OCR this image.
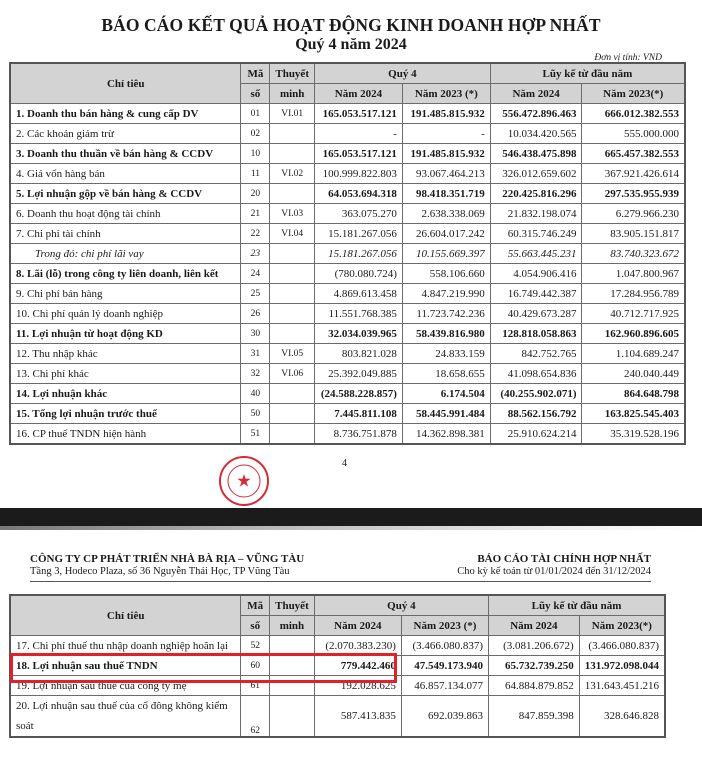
BÁO CÁO KẾT QUẢ HOẠT ĐỘNG KINH DOANH HỢP NHẤT
Quý 4 năm 2024
Đơn vị tính: VND
Chỉ tiêu	Mã	Thuyết	Quý 4		Lũy kế từ đầu năm	
	số	minh	Năm 2024	Năm 2023 (*)	Năm 2024	Năm 2023(*)
1. Doanh thu bán hàng & cung cấp DV	01	VI.01	165.053.517.121	191.485.815.932	556.472.896.463	666.012.382.553
2. Các khoản giảm trừ	02		-	-	10.034.420.565	555.000.000
3. Doanh thu thuần về bán hàng & CCDV	10		165.053.517.121	191.485.815.932	546.438.475.898	665.457.382.553
4. Giá vốn hàng bán	11	VI.02	100.999.822.803	93.067.464.213	326.012.659.602	367.921.426.614
5. Lợi nhuận gộp về bán hàng & CCDV	20		64.053.694.318	98.418.351.719	220.425.816.296	297.535.955.939
6. Doanh thu hoạt động tài chính	21	VI.03	363.075.270	2.638.338.069	21.832.198.074	6.279.966.230
7. Chi phí tài chính	22	VI.04	15.181.267.056	26.604.017.242	60.315.746.249	83.905.151.817
Trong đó: chi phí lãi vay	23		15.181.267.056	10.155.669.397	55.663.445.231	83.740.323.672
8. Lãi (lỗ) trong công ty liên doanh, liên kết	24		(780.080.724)	558.106.660	4.054.906.416	1.047.800.967
9. Chi phí bán hàng	25		4.869.613.458	4.847.219.990	16.749.442.387	17.284.956.789
10. Chi phí quản lý doanh nghiệp	26		11.551.768.385	11.723.742.236	40.429.673.287	40.712.717.925
11. Lợi nhuận từ hoạt động KD	30		32.034.039.965	58.439.816.980	128.818.058.863	162.960.896.605
12. Thu nhập khác	31	VI.05	803.821.028	24.833.159	842.752.765	1.104.689.247
13. Chi phí khác	32	VI.06	25.392.049.885	18.658.655	41.098.654.836	240.040.449
14. Lợi nhuận khác	40		(24.588.228.857)	6.174.504	(40.255.902.071)	864.648.798
15. Tổng lợi nhuận trước thuế	50		7.445.811.108	58.445.991.484	88.562.156.792	163.825.545.403
16. CP thuế TNDN hiện hành	51		8.736.751.878	14.362.898.381	25.910.624.214	35.319.528.196
4
CÔNG TY CP PHÁT TRIỂN NHÀ BÀ RỊA – VŨNG TÀU
Tầng 3, Hodeco Plaza, số 36 Nguyễn Thái Học, TP Vũng Tàu
BÁO CÁO TÀI CHÍNH HỢP NHẤT
Cho kỳ kế toán từ 01/01/2024 đến 31/12/2024
Chỉ tiêu	Mã	Thuyết	Quý 4		Lũy kế từ đầu năm	
	số	minh	Năm 2024	Năm 2023 (*)	Năm 2024	Năm 2023(*)
17. Chi phí thuế thu nhập doanh nghiệp hoãn lại	52		(2.070.383.230)	(3.466.080.837)	(3.081.206.672)	(3.466.080.837)
18. Lợi nhuận sau thuế TNDN	60		779.442.460	47.549.173.940	65.732.739.250	131.972.098.044
19. Lợi nhuận sau thuế của công ty mẹ	61		192.028.625	46.857.134.077	64.884.879.852	131.643.451.216
20. Lợi nhuận sau thuế của cổ đông không kiểm soát	62		587.413.835	692.039.863	847.859.398	328.646.828
